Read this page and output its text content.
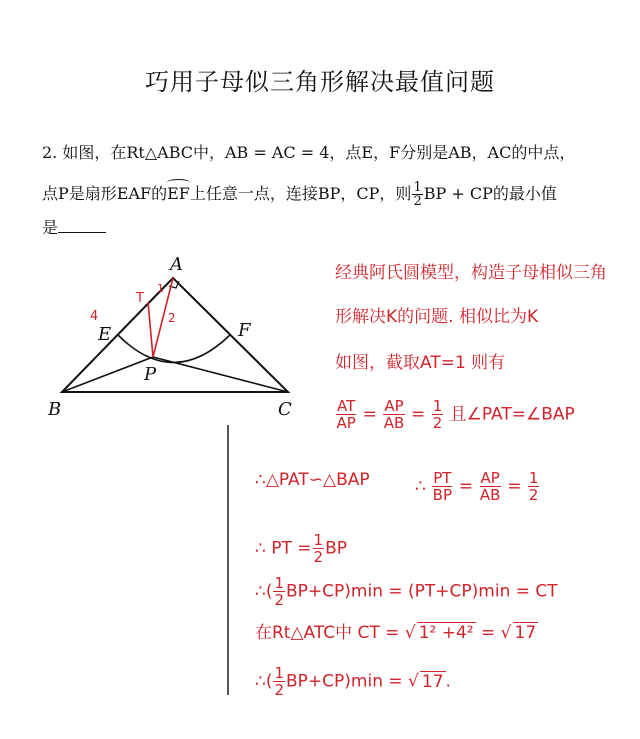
巧用子母似三角形解决最值问题
2. 如图，在Rt△ABC中，AB = AC = 4，点E，F分别是AB，AC的中点，
点P是扇形EAF的EF上任意一点，连接BP，CP，则 $\frac{1}{2}$ BP + CP的最小值
是
A
B	C
E	F
P
T
4
1
2
经典阿氏圆模型，构造子母相似三角
形解决K的问题. 相似比为K
如图，截取AT=1 则有
$\frac{AT}{AP} = \frac{AP}{AB} = \frac{1}{2}$ 且∠PAT=∠BAP
∴△PAT∽△BAP	∴ $\frac{PT}{BP} = \frac{AP}{AB} = \frac{1}{2}$
∴ PT = $\frac{1}{2}$ BP
∴( $\frac{1}{2} BP+CP)\min = (PT+CP)\min$ = CT
在Rt△ATC中 CT = √ 1² +4² = √ 17
∴( $\frac{1}{2} BP+CP)\min$ = √ 17 .
